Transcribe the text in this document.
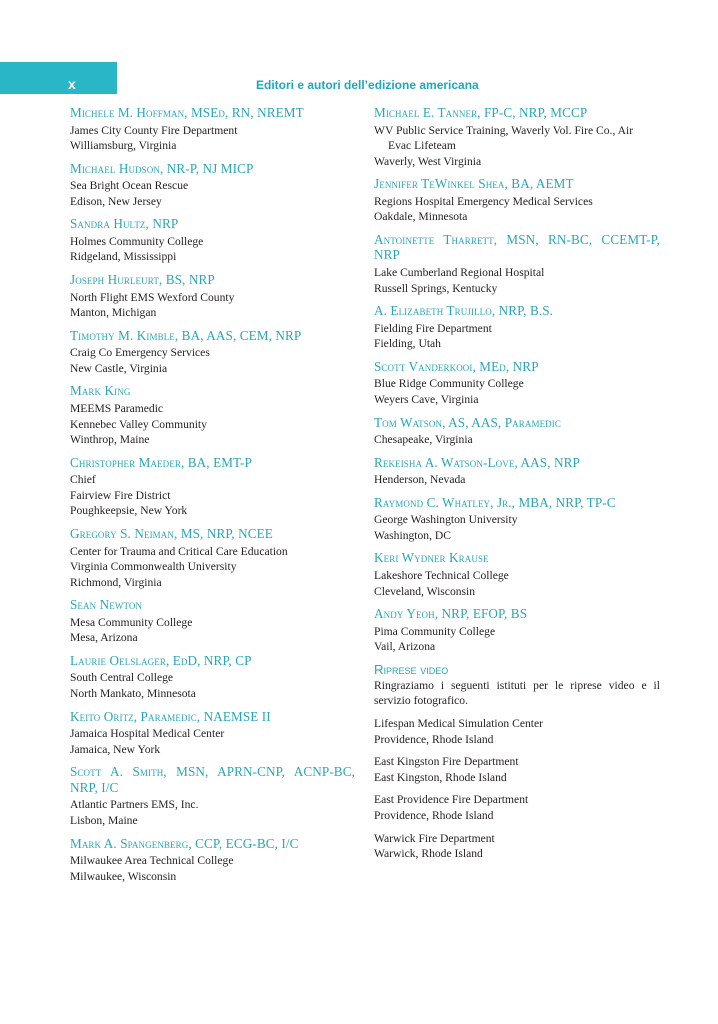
x	Editori e autori dell’edizione americana
Michele M. Hoffman, MSEd, RN, NREMT
James City County Fire Department
Williamsburg, Virginia
Michael Hudson, NR-P, NJ MICP
Sea Bright Ocean Rescue
Edison, New Jersey
Sandra Hultz, NRP
Holmes Community College
Ridgeland, Mississippi
Joseph Hurleurt, BS, NRP
North Flight EMS Wexford County
Manton, Michigan
Timothy M. Kimble, BA, AAS, CEM, NRP
Craig Co Emergency Services
New Castle, Virginia
Mark King
MEEMS Paramedic
Kennebec Valley Community
Winthrop, Maine
Christopher Maeder, BA, EMT-P
Chief
Fairview Fire District
Poughkeepsie, New York
Gregory S. Neiman, MS, NRP, NCEE
Center for Trauma and Critical Care Education
Virginia Commonwealth University
Richmond, Virginia
Sean Newton
Mesa Community College
Mesa, Arizona
Laurie Oelslager, EdD, NRP, CP
South Central College
North Mankato, Minnesota
Keito Oritz, Paramedic, NAEMSE II
Jamaica Hospital Medical Center
Jamaica, New York
Scott A. Smith, MSN, APRN-CNP, ACNP-BC, NRP, I/C
Atlantic Partners EMS, Inc.
Lisbon, Maine
Mark A. Spangenberg, CCP, ECG-BC, I/C
Milwaukee Area Technical College
Milwaukee, Wisconsin
Michael E. Tanner, FP-C, NRP, MCCP
WV Public Service Training, Waverly Vol. Fire Co., Air
Evac Lifeteam
Waverly, West Virginia
Jennifer TeWinkel Shea, BA, AEMT
Regions Hospital Emergency Medical Services
Oakdale, Minnesota
Antoinette Tharrett, MSN, RN-BC, CCEMT-P, NRP
Lake Cumberland Regional Hospital
Russell Springs, Kentucky
A. Elizabeth Trujillo, NRP, B.S.
Fielding Fire Department
Fielding, Utah
Scott Vanderkooi, MEd, NRP
Blue Ridge Community College
Weyers Cave, Virginia
Tom Watson, AS, AAS, Paramedic
Chesapeake, Virginia
Rekeisha A. Watson-Love, AAS, NRP
Henderson, Nevada
Raymond C. Whatley, Jr., MBA, NRP, TP-C
George Washington University
Washington, DC
Keri Wydner Krause
Lakeshore Technical College
Cleveland, Wisconsin
Andy Yeoh, NRP, EFOP, BS
Pima Community College
Vail, Arizona
Riprese video
Ringraziamo i seguenti istituti per le riprese video e il servizio fotografico.
Lifespan Medical Simulation Center
Providence, Rhode Island
East Kingston Fire Department
East Kingston, Rhode Island
East Providence Fire Department
Providence, Rhode Island
Warwick Fire Department
Warwick, Rhode Island
